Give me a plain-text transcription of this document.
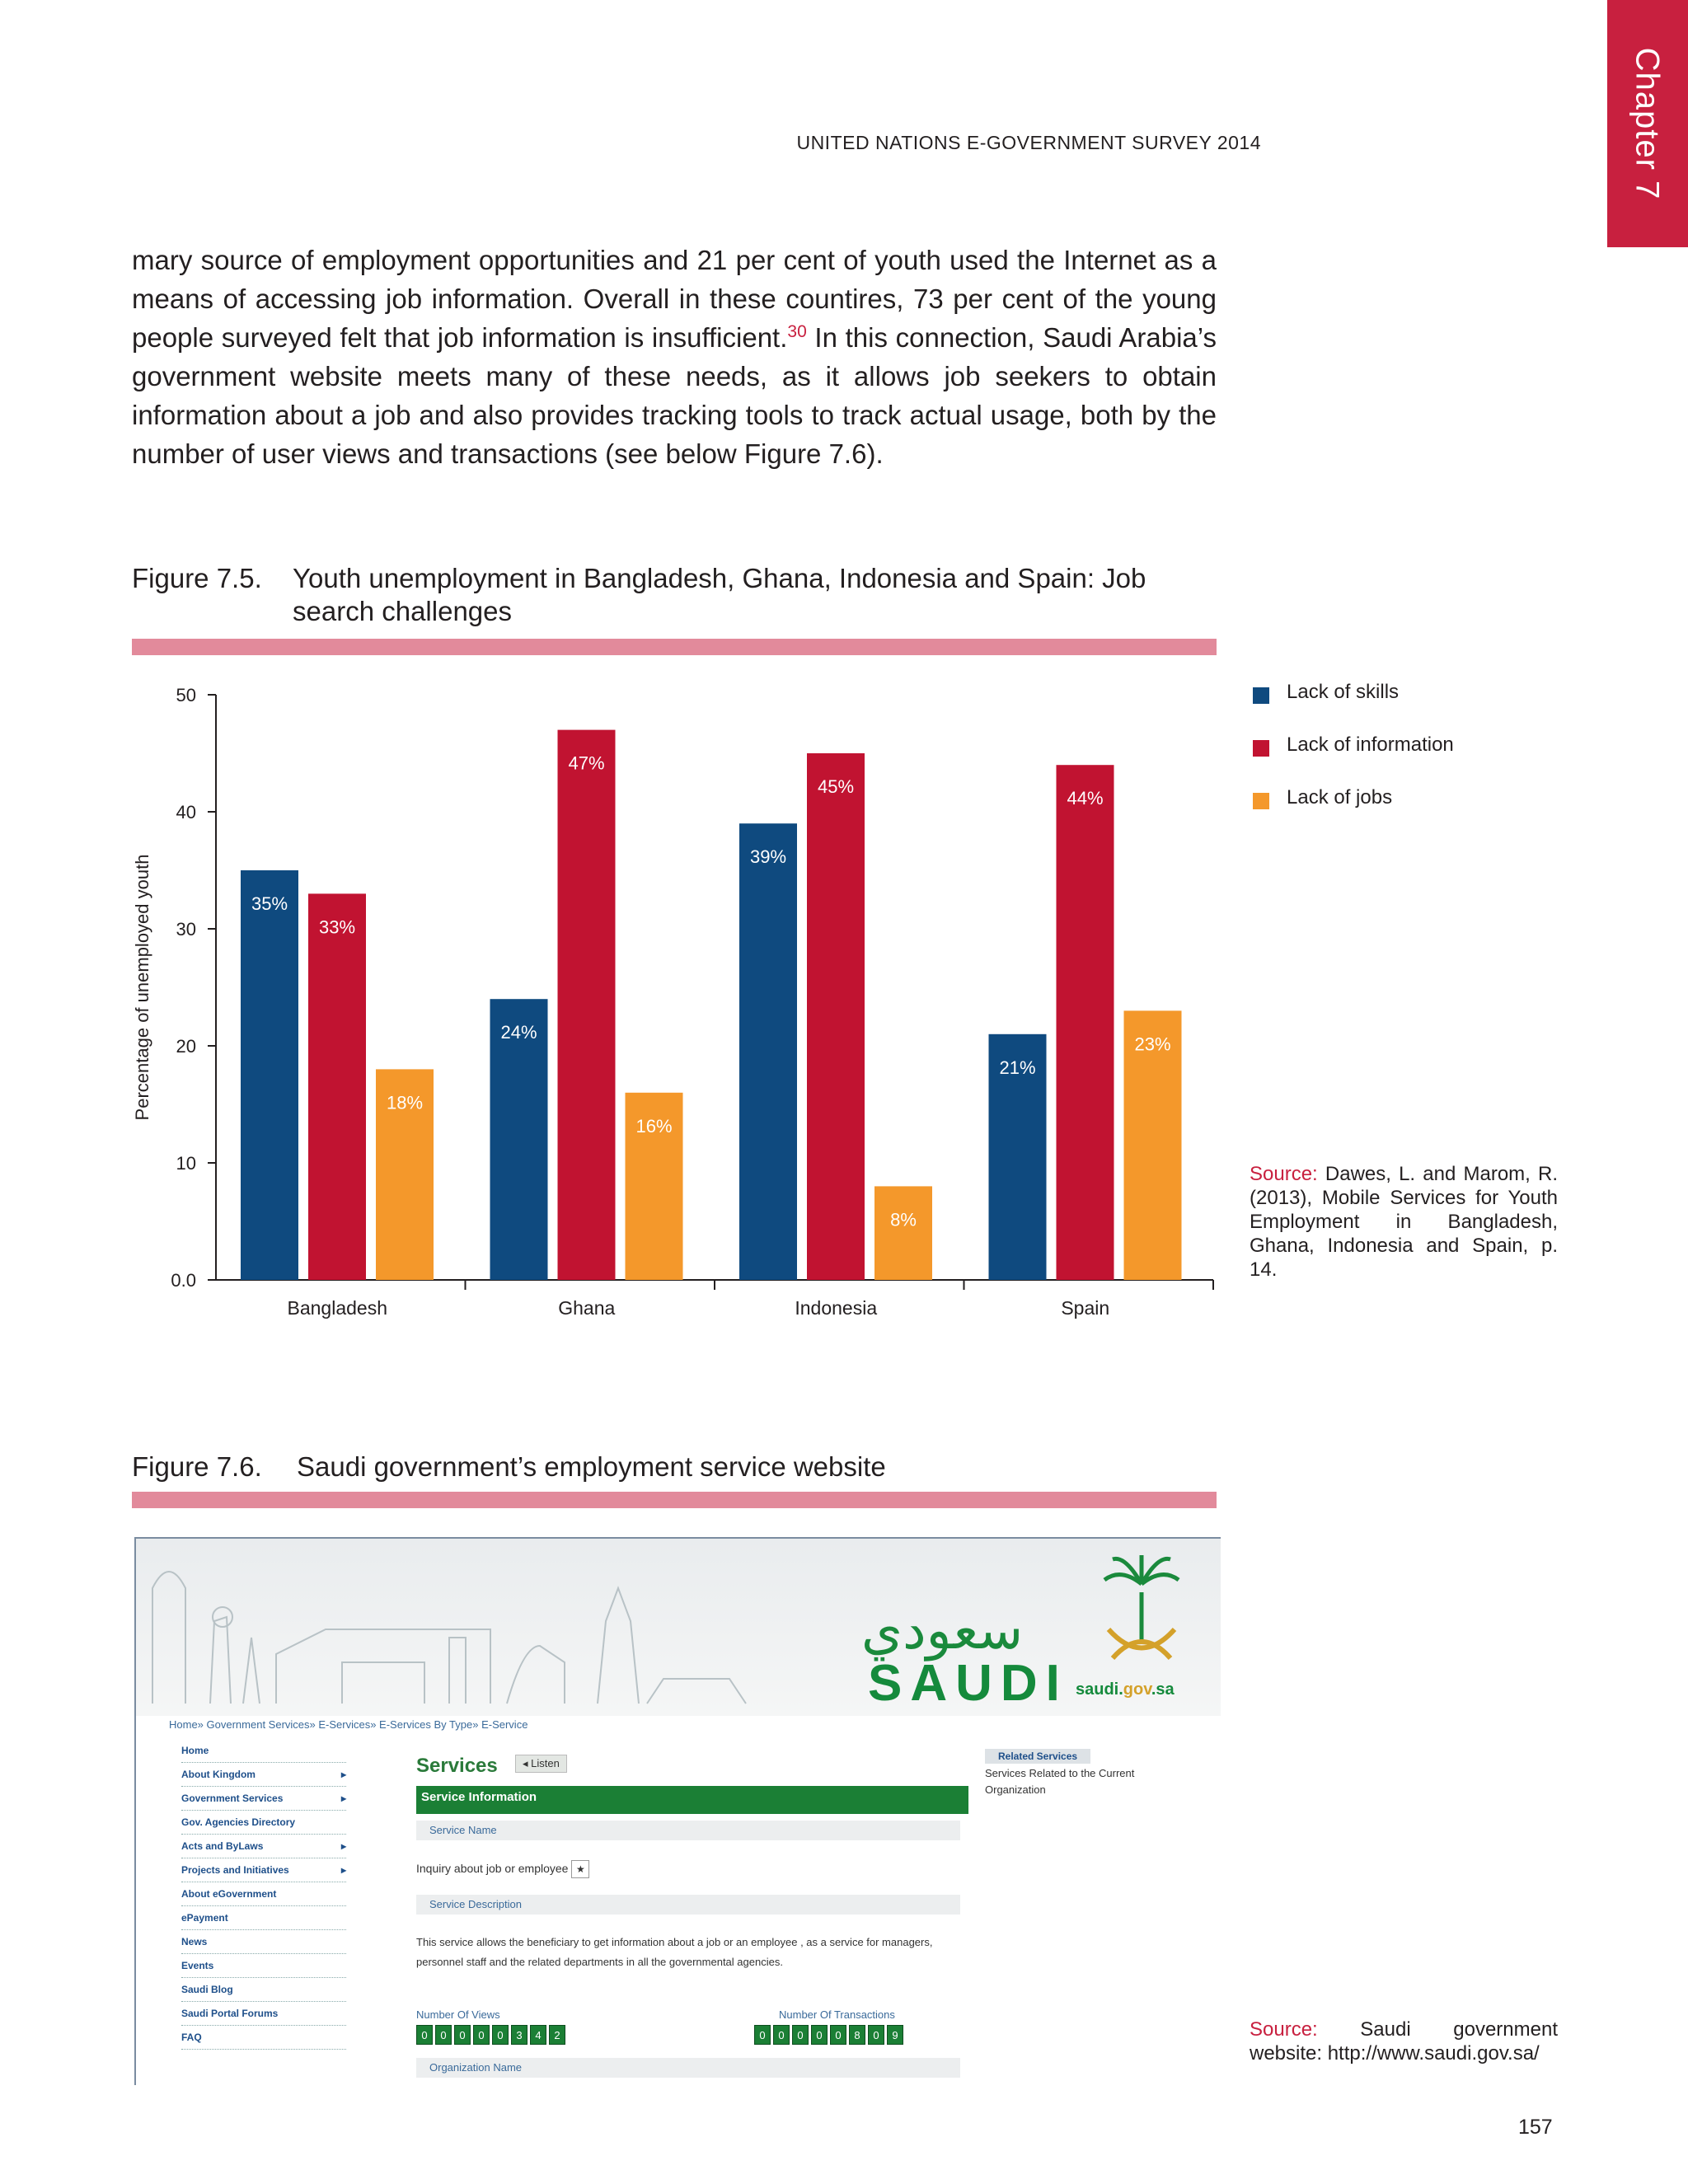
Chapter 7
UNITED NATIONS E-GOVERNMENT SURVEY 2014
mary source of employment opportunities and 21 per cent of youth used the Internet as a means of accessing job information. Overall in these countires, 73 per cent of the young people surveyed felt that job information is insufficient.$^{30}$ In this connection, Saudi Arabia’s government website meets many of these needs, as it allows job seekers to obtain information about a job and also provides tracking tools to track actual usage, both by the number of user views and transactions (see below Figure 7.6).
Figure 7.5. Youth unemployment in Bangladesh, Ghana, Indonesia and Spain: Job search challenges
0.0
10
20
30
40
50
Percentage of unemployed youth	35%
33%
18%
Bangladesh
24%
47%
16%
Ghana
39%
45%
8%
Indonesia
21%
44%
23%
Spain
Lack of skills
Lack of information
Lack of jobs
Source: Dawes, L. and Marom, R. (2013), Mobile Services for Youth Employment in Bangladesh, Ghana, Indonesia and Spain, p. 14.
Figure 7.6. Saudi government’s employment service website
سعودي
SAUDI saudi.gov.sa
Home» Government Services» E-Services» E-Services By Type» E-Service
Home
About Kingdom	▸
Government Services	▸
Gov. Agencies Directory
Acts and ByLaws	▸
Projects and Initiatives	▸
About eGovernment
ePayment
News
Events
Saudi Blog
Saudi Portal Forums
FAQ
Services	◂ Listen
Service Information
Service Name
Inquiry about job or employee ★
Service Description
This service allows the beneficiary to get information about a job or an employee , as a service for managers, personnel staff and the related departments in all the governmental agencies.
Number Of Views
0	0	0	0	0	3	4	2
Number Of Transactions
0	0	0	0	0	8	0	9
Organization Name
Related Services
Services Related to the Current Organization
Source: Saudi government website: http://www.saudi.gov.sa/
157
